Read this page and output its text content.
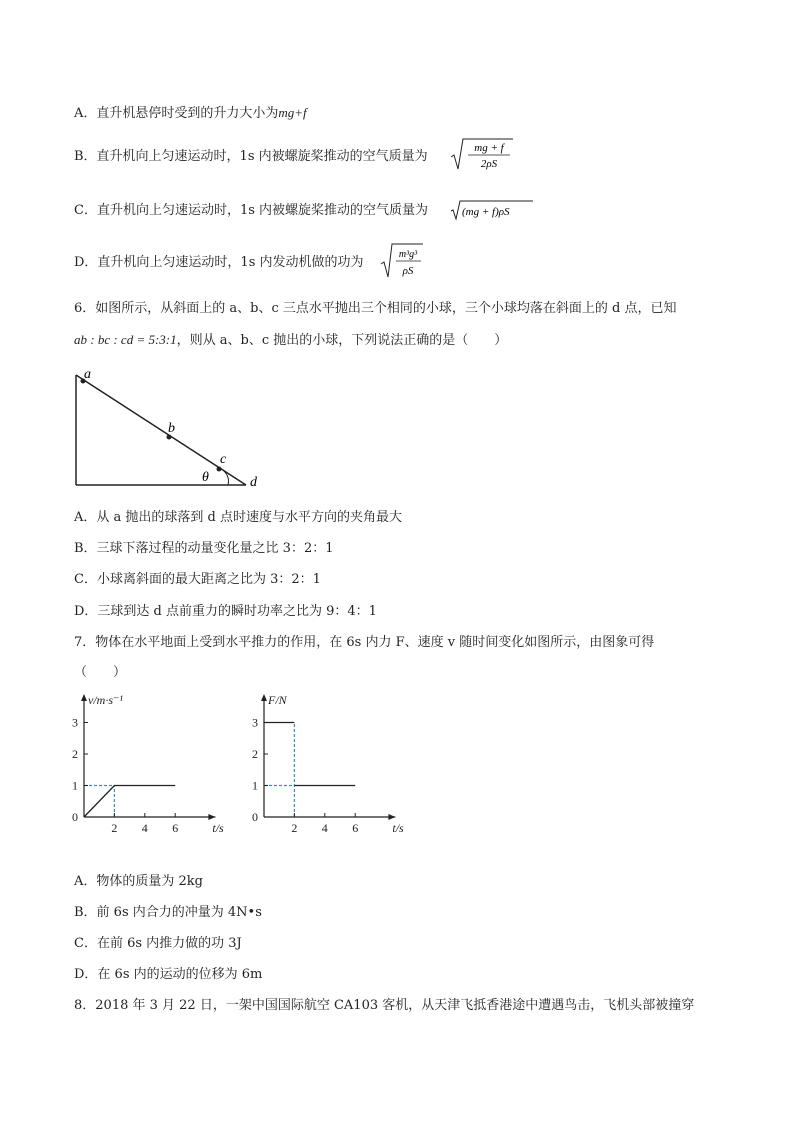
A．直升机悬停时受到的升力大小为mg+f
B．直升机向上匀速运动时，1s 内被螺旋桨推动的空气质量为
mg + f
2ρS
C．直升机向上匀速运动时，1s 内被螺旋桨推动的空气质量为	(mg + f)ρS
D．直升机向上匀速运动时，1s 内发动机做的功为
m³g³
ρS
6．如图所示，从斜面上的 a、b、c 三点水平抛出三个相同的小球，三个小球均落在斜面上的 d 点，已知
ab : bc : cd = 5:3:1，则从 a、b、c 抛出的小球，下列说法正确的是（　　）
a
b
c
θ	d
A．从 a 抛出的球落到 d 点时速度与水平方向的夹角最大
B．三球下落过程的动量变化量之比 3：2：1
C．小球离斜面的最大距离之比为 3：2：1
D．三球到达 d 点前重力的瞬时功率之比为 9：4：1
7．物体在水平地面上受到水平推力的作用，在 6s 内力 F、速度 v 随时间变化如图所示，由图象可得
（　　）
1
2
3
0
2 4 6	t/s
v/m·s⁻¹
1
2
3
0
2 4 6	t/s
F/N
A．物体的质量为 2kg
B．前 6s 内合力的冲量为 4N•s
C．在前 6s 内推力做的功 3J
D．在 6s 内的运动的位移为 6m
8．2018 年 3 月 22 日，一架中国国际航空 CA103 客机，从天津飞抵香港途中遭遇鸟击，飞机头部被撞穿
